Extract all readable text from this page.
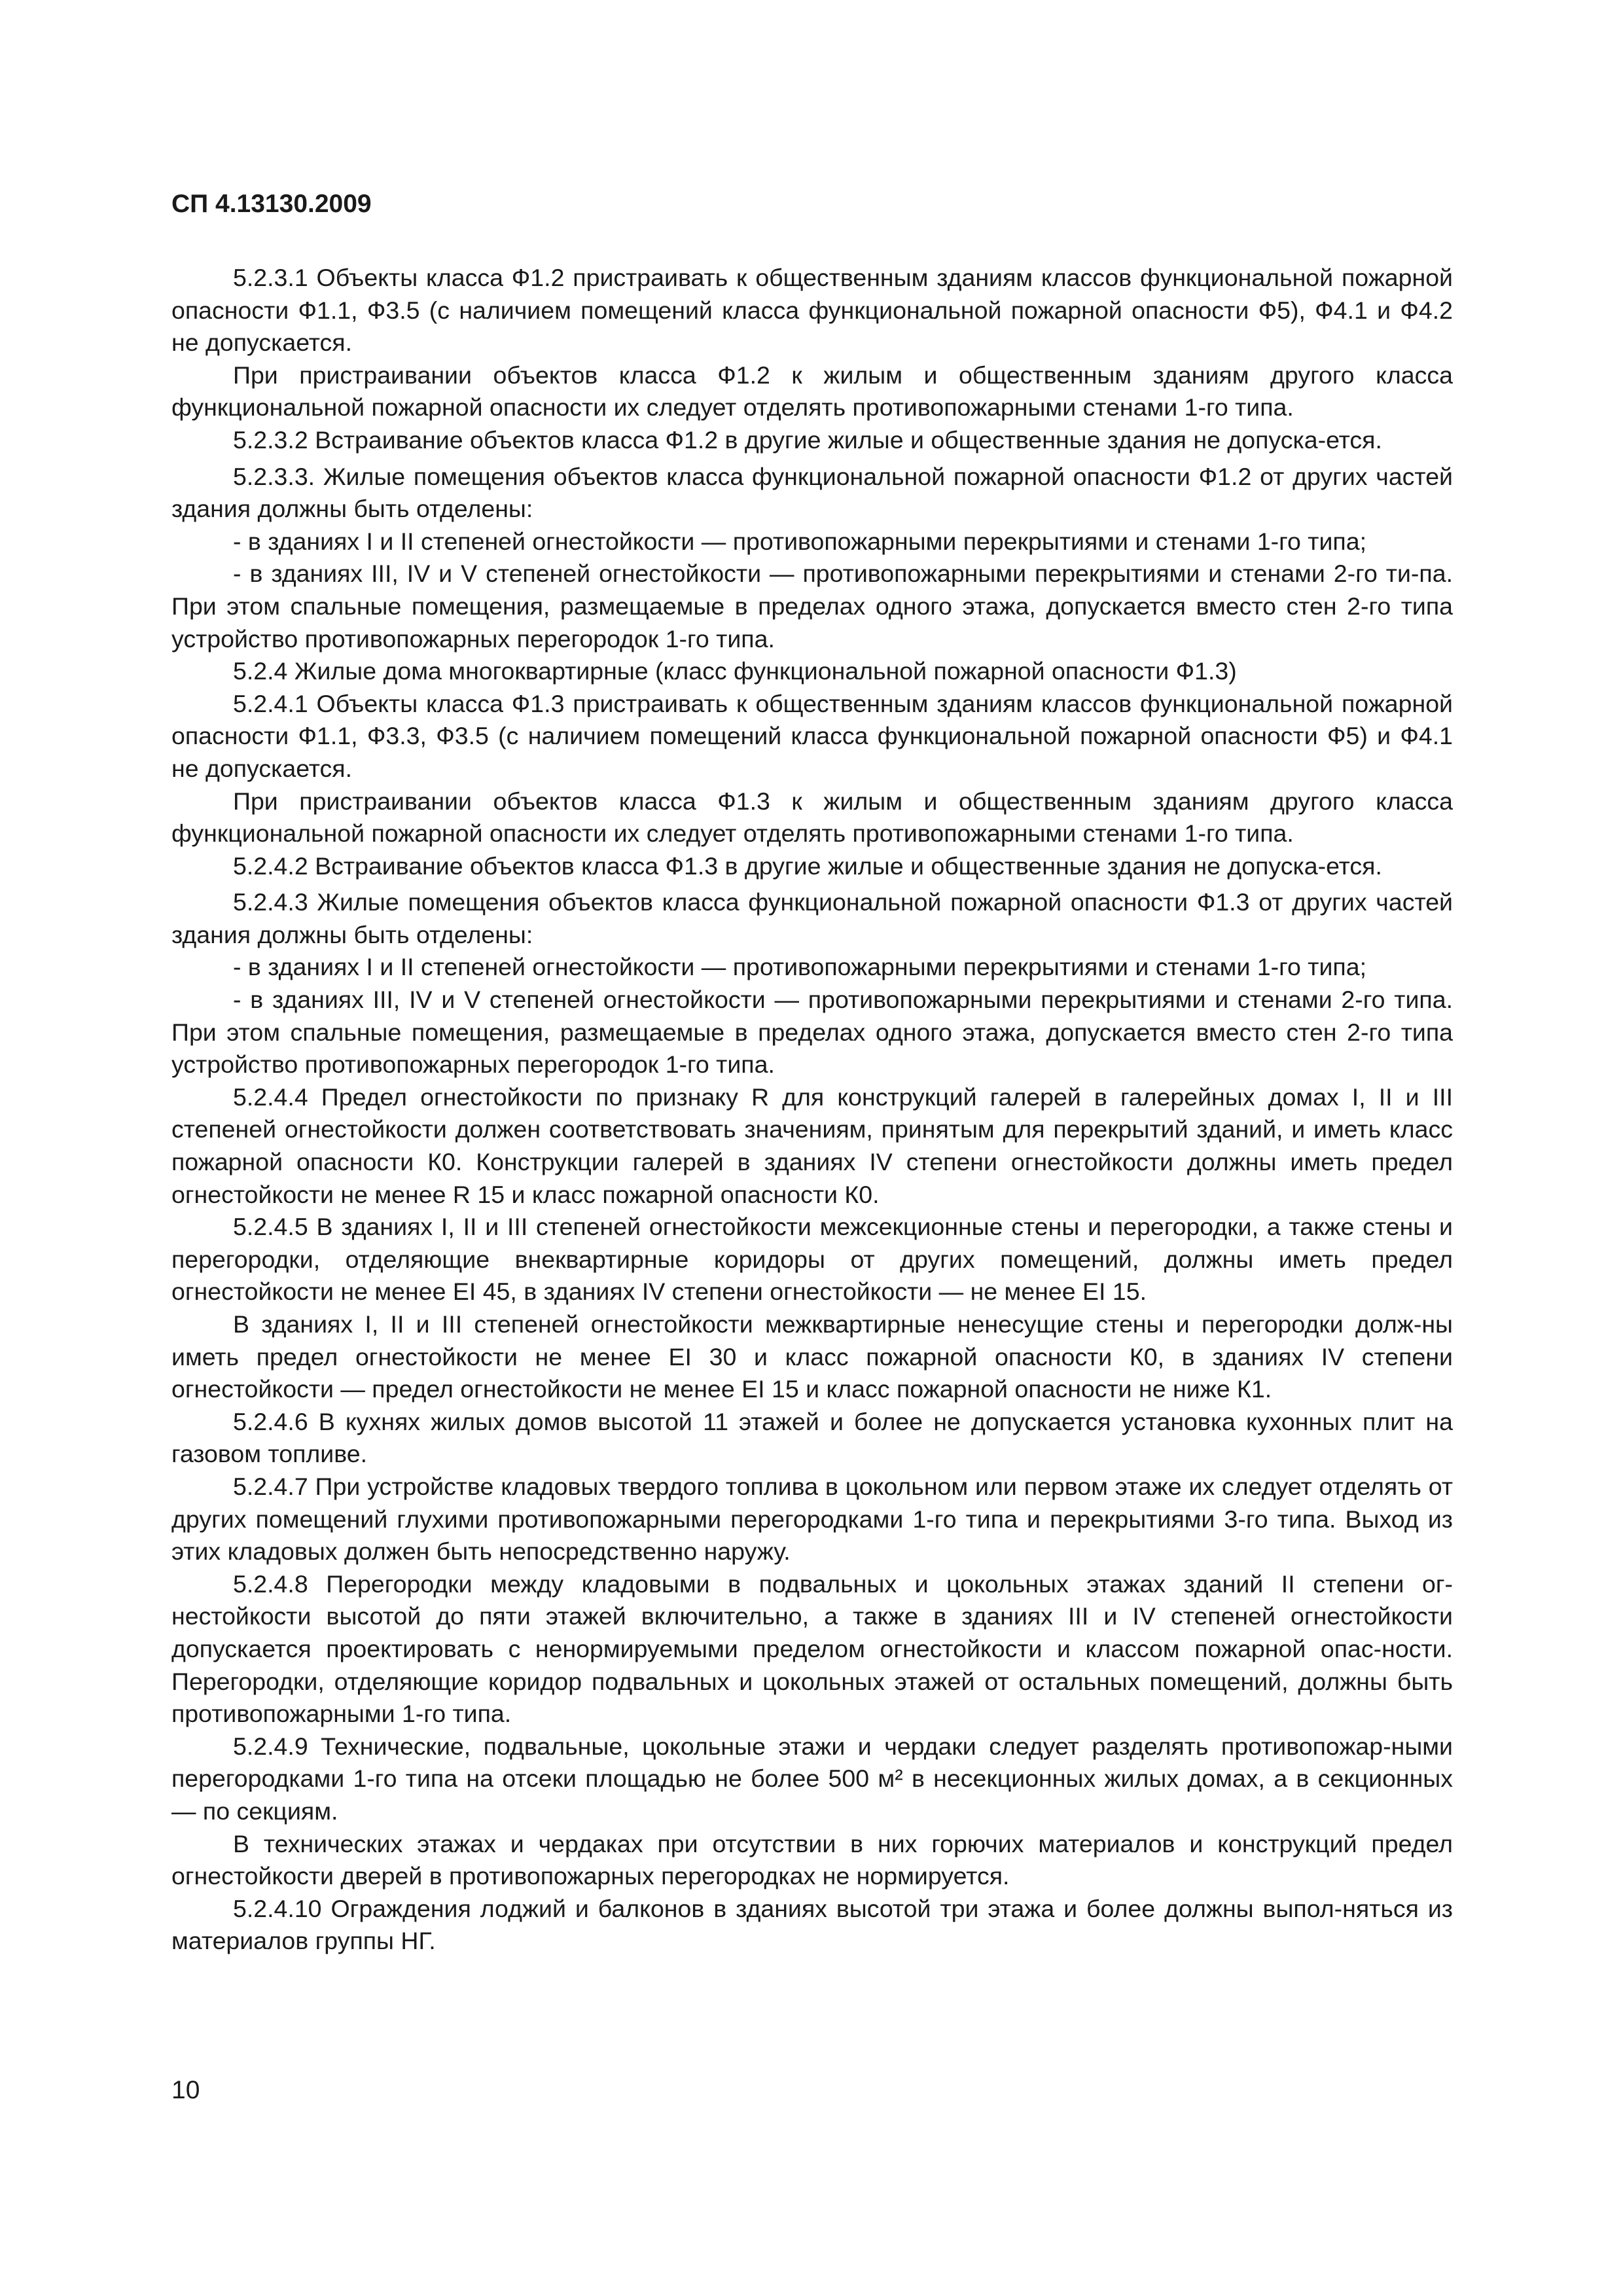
СП 4.13130.2009

5.2.3.1 Объекты класса Ф1.2 пристраивать к общественным зданиям классов функциональной пожарной опасности Ф1.1, Ф3.5 (с наличием помещений класса функциональной пожарной опасности Ф5), Ф4.1 и Ф4.2 не допускается.

При пристраивании объектов класса Ф1.2 к жилым и общественным зданиям другого класса функциональной пожарной опасности их следует отделять противопожарными стенами 1-го типа.

5.2.3.2 Встраивание объектов класса Ф1.2 в другие жилые и общественные здания не допуска-ется.

5.2.3.3. Жилые помещения объектов класса функциональной пожарной опасности Ф1.2 от других частей здания должны быть отделены:

- в зданиях I и II степеней огнестойкости — противопожарными перекрытиями и стенами 1-го типа;

- в зданиях III, IV и V степеней огнестойкости — противопожарными перекрытиями и стенами 2-го ти-па. При этом спальные помещения, размещаемые в пределах одного этажа, допускается вместо стен 2-го типа устройство противопожарных перегородок 1-го типа.

5.2.4 Жилые дома многоквартирные (класс функциональной пожарной опасности Ф1.3)

5.2.4.1 Объекты класса Ф1.3 пристраивать к общественным зданиям классов функциональной пожарной опасности Ф1.1, Ф3.3, Ф3.5 (с наличием помещений класса функциональной пожарной опасности Ф5) и Ф4.1 не допускается.

При пристраивании объектов класса Ф1.3 к жилым и общественным зданиям другого класса функциональной пожарной опасности их следует отделять противопожарными стенами 1-го типа.

5.2.4.2 Встраивание объектов класса Ф1.3 в другие жилые и общественные здания не допуска-ется.

5.2.4.3 Жилые помещения объектов класса функциональной пожарной опасности Ф1.3 от других частей здания должны быть отделены:

- в зданиях I и II степеней огнестойкости — противопожарными перекрытиями и стенами 1-го типа;

- в зданиях III, IV и V степеней огнестойкости — противопожарными перекрытиями и стенами 2-го типа. При этом спальные помещения, размещаемые в пределах одного этажа, допускается вместо стен 2-го типа устройство противопожарных перегородок 1-го типа.

5.2.4.4 Предел огнестойкости по признаку R для конструкций галерей в галерейных домах I, II и III степеней огнестойкости должен соответствовать значениям, принятым для перекрытий зданий, и иметь класс пожарной опасности К0. Конструкции галерей в зданиях IV степени огнестойкости должны иметь предел огнестойкости не менее R 15 и класс пожарной опасности К0.

5.2.4.5 В зданиях I, II и III степеней огнестойкости межсекционные стены и перегородки, а также стены и перегородки, отделяющие внеквартирные коридоры от других помещений, должны иметь предел огнестойкости не менее EI 45, в зданиях IV степени огнестойкости — не менее EI 15.

В зданиях I, II и III степеней огнестойкости межквартирные ненесущие стены и перегородки долж-ны иметь предел огнестойкости не менее EI 30 и класс пожарной опасности К0, в зданиях IV степени огнестойкости — предел огнестойкости не менее EI 15 и класс пожарной опасности не ниже К1.

5.2.4.6 В кухнях жилых домов высотой 11 этажей и более не допускается установка кухонных плит на газовом топливе.

5.2.4.7 При устройстве кладовых твердого топлива в цокольном или первом этаже их следует отделять от других помещений глухими противопожарными перегородками 1-го типа и перекрытиями 3-го типа. Выход из этих кладовых должен быть непосредственно наружу.

5.2.4.8 Перегородки между кладовыми в подвальных и цокольных этажах зданий II степени ог-нестойкости высотой до пяти этажей включительно, а также в зданиях III и IV степеней огнестойкости допускается проектировать с ненормируемыми пределом огнестойкости и классом пожарной опас-ности. Перегородки, отделяющие коридор подвальных и цокольных этажей от остальных помещений, должны быть противопожарными 1-го типа.

5.2.4.9 Технические, подвальные, цокольные этажи и чердаки следует разделять противопожар-ными перегородками 1-го типа на отсеки площадью не более 500 м² в несекционных жилых домах, а в секционных — по секциям.

В технических этажах и чердаках при отсутствии в них горючих материалов и конструкций предел огнестойкости дверей в противопожарных перегородках не нормируется.

5.2.4.10 Ограждения лоджий и балконов в зданиях высотой три этажа и более должны выпол-няться из материалов группы НГ.

10
